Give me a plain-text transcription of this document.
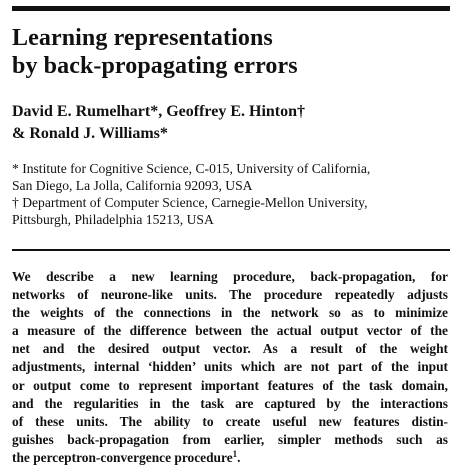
Learning representations
by back-propagating errors

David E. Rumelhart*, Geoffrey E. Hinton†
& Ronald J. Williams*

* Institute for Cognitive Science, C-015, University of California,
San Diego, La Jolla, California 92093, USA
† Department of Computer Science, Carnegie-Mellon University,
Pittsburgh, Philadelphia 15213, USA

We describe a new learning procedure, back-propagation, for
networks of neurone-like units. The procedure repeatedly adjusts
the weights of the connections in the network so as to minimize
a measure of the difference between the actual output vector of the
net and the desired output vector. As a result of the weight
adjustments, internal ‘hidden’ units which are not part of the input
or output come to represent important features of the task domain,
and the regularities in the task are captured by the interactions
of these units. The ability to create useful new features distin-
guishes back-propagation from earlier, simpler methods such as
the perceptron-convergence procedure$^1$.
